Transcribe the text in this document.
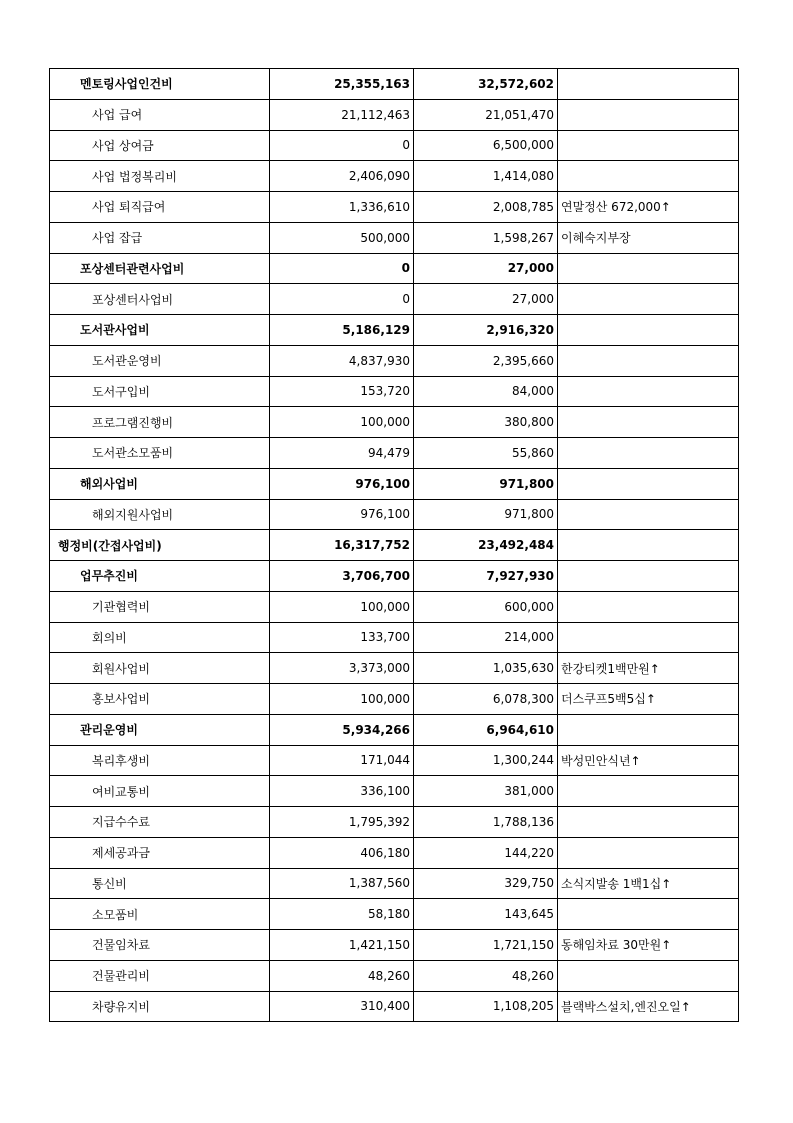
멘토링사업인건비	25,355,163	32,572,602	
사업 급여	21,112,463	21,051,470	
사업 상여금	0	6,500,000	
사업 법정복리비	2,406,090	1,414,080	
사업 퇴직급여	1,336,610	2,008,785	연말정산 672,000↑
사업 잡급	500,000	1,598,267	이혜숙지부장
포상센터관련사업비	0	27,000	
포상센터사업비	0	27,000	
도서관사업비	5,186,129	2,916,320	
도서관운영비	4,837,930	2,395,660	
도서구입비	153,720	84,000	
프로그램진행비	100,000	380,800	
도서관소모품비	94,479	55,860	
해외사업비	976,100	971,800	
해외지원사업비	976,100	971,800	
행정비(간접사업비)	16,317,752	23,492,484	
업무추진비	3,706,700	7,927,930	
기관협력비	100,000	600,000	
회의비	133,700	214,000	
회원사업비	3,373,000	1,035,630	한강티켓1백만원↑
홍보사업비	100,000	6,078,300	더스쿠프5백5십↑
관리운영비	5,934,266	6,964,610	
복리후생비	171,044	1,300,244	박성민안식년↑
여비교통비	336,100	381,000	
지급수수료	1,795,392	1,788,136	
제세공과금	406,180	144,220	
통신비	1,387,560	329,750	소식지발송 1백1십↑
소모품비	58,180	143,645	
건물임차료	1,421,150	1,721,150	동해임차료 30만원↑
건물관리비	48,260	48,260	
차량유지비	310,400	1,108,205	블랙박스설치,엔진오일↑
